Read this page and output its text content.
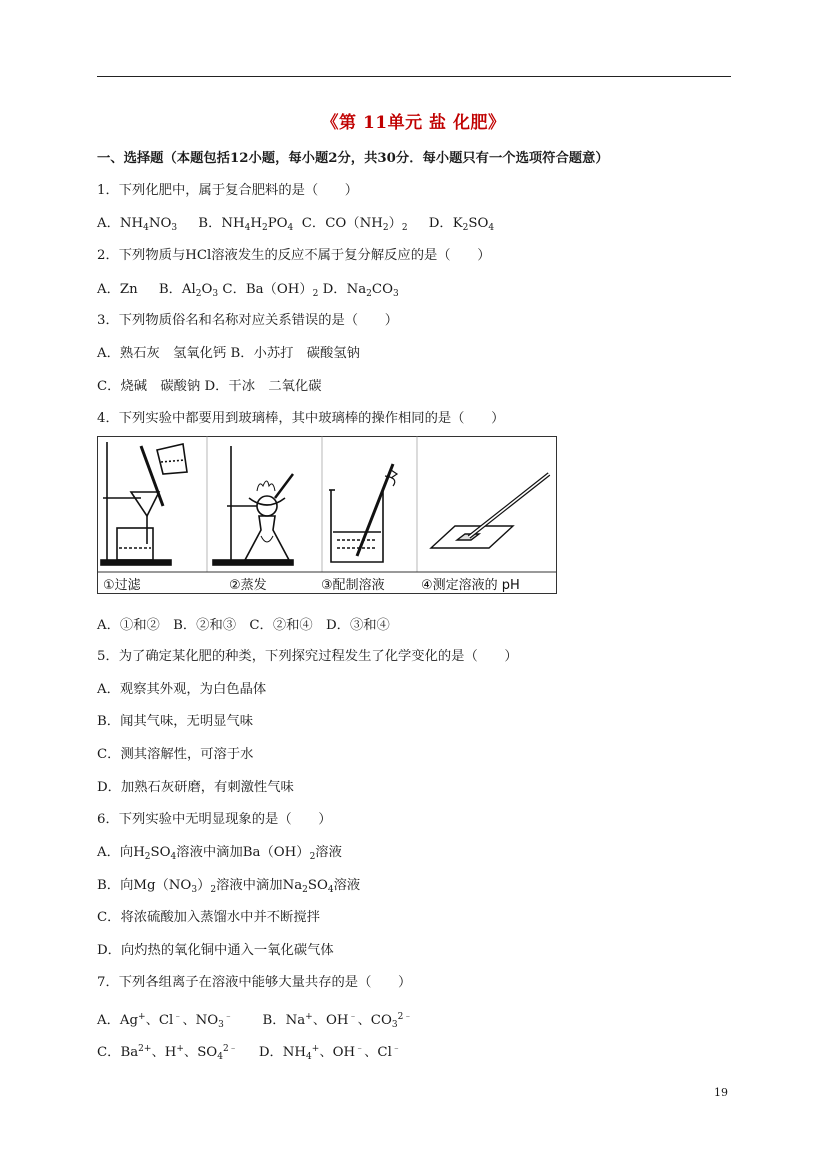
《第 11单元 盐 化肥》
一、选择题（本题包括12小题，每小题2分，共30分．每小题只有一个选项符合题意）
1．下列化肥中，属于复合肥料的是（　　）
A．$NH_4NO_3$ B．$NH_4H_2PO_4$ C．$CO(NH_2)_2$ D．$K_2SO_4$
2．下列物质与HCl溶液发生的反应不属于复分解反应的是（　　）
A．Zn B．$Al_2O_3$ C．$Ba(OH)_2$ D．$Na_2CO_3$
3．下列物质俗名和名称对应关系错误的是（　　）
A．熟石灰　氢氧化钙 B．小苏打　碳酸氢钠
C．烧碱　碳酸钠 D．干冰　二氧化碳
4．下列实验中都要用到玻璃棒，其中玻璃棒的操作相同的是（　　）
①过滤	②蒸发	③配制溶液	④测定溶液的 pH
A．①和②　B．②和③　C．②和④　D．③和④
5．为了确定某化肥的种类，下列探究过程发生了化学变化的是（　　）
A．观察其外观，为白色晶体
B．闻其气味，无明显气味
C．测其溶解性，可溶于水
D．加熟石灰研磨，有刺激性气味
6．下列实验中无明显现象的是（　　）
A．向$H_2SO_4$溶液中滴加$Ba(OH)_2$溶液
B．向$Mg(NO_3)_2$溶液中滴加$Na_2SO_4$溶液
C．将浓硫酸加入蒸馏水中并不断搅拌
D．向灼热的氧化铜中通入一氧化碳气体
7．下列各组离子在溶液中能够大量共存的是（　　）
A．Ag+、Cl﹣、$NO_3^﹣$ B．Na+、OH﹣、$CO_3^{2﹣}$
C．$Ba^{2+}$、H+、$SO_4^{2﹣}$ D．$NH_4^+$、OH﹣、Cl﹣
19
